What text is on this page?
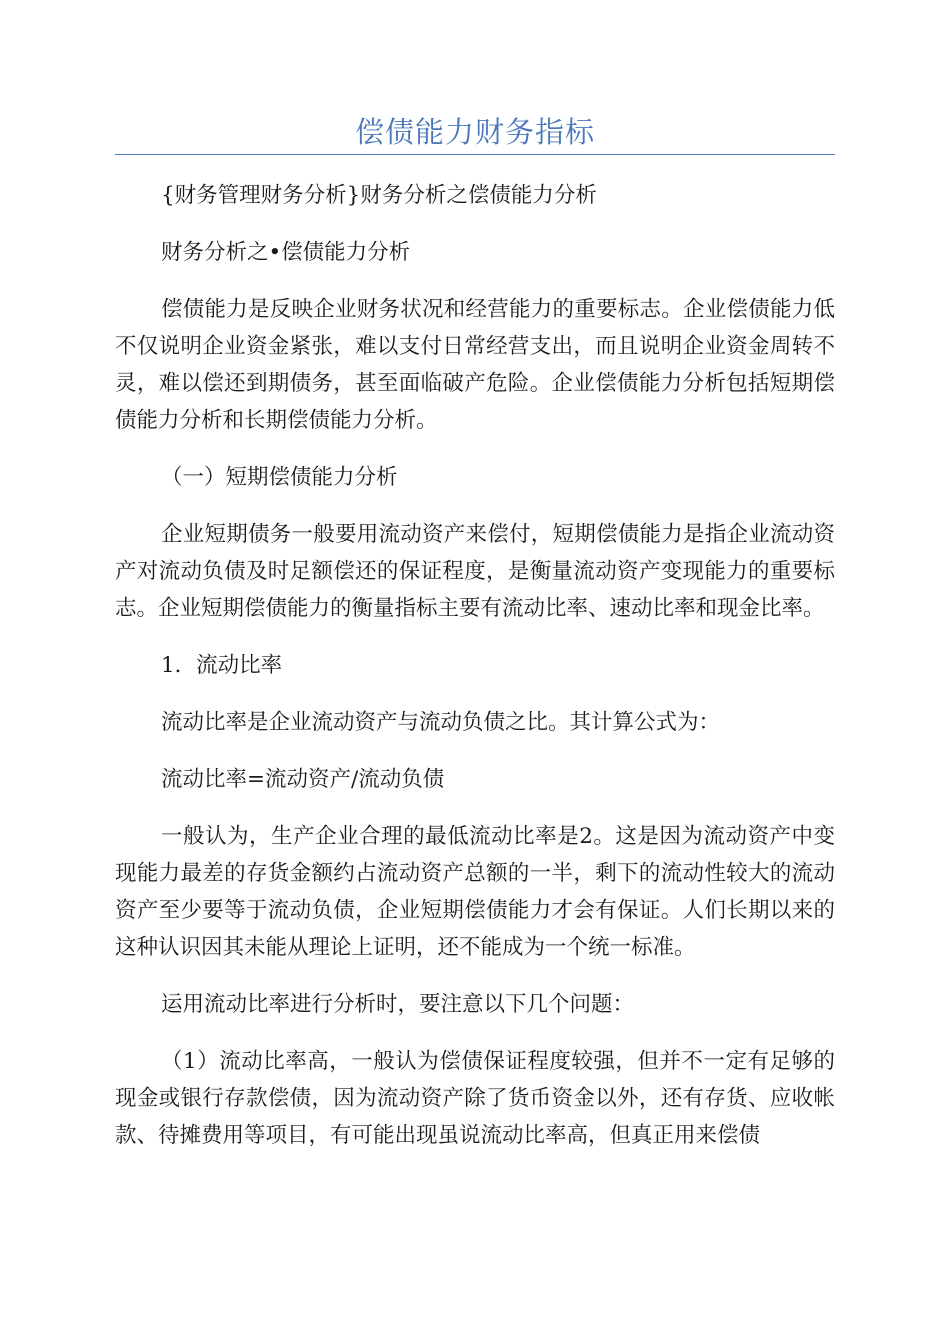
偿债能力财务指标

{财务管理财务分析}财务分析之偿债能力分析

财务分析之•偿债能力分析

偿债能力是反映企业财务状况和经营能力的重要标志。企业偿债能力低不仅说明企业资金紧张，难以支付日常经营支出，而且说明企业资金周转不灵，难以偿还到期债务，甚至面临破产危险。企业偿债能力分析包括短期偿债能力分析和长期偿债能力分析。

（一）短期偿债能力分析

企业短期债务一般要用流动资产来偿付，短期偿债能力是指企业流动资产对流动负债及时足额偿还的保证程度，是衡量流动资产变现能力的重要标志。企业短期偿债能力的衡量指标主要有流动比率、速动比率和现金比率。

1．流动比率

流动比率是企业流动资产与流动负债之比。其计算公式为：

流动比率=流动资产/流动负债

一般认为，生产企业合理的最低流动比率是2。这是因为流动资产中变现能力最差的存货金额约占流动资产总额的一半，剩下的流动性较大的流动资产至少要等于流动负债，企业短期偿债能力才会有保证。人们长期以来的这种认识因其未能从理论上证明，还不能成为一个统一标准。

运用流动比率进行分析时，要注意以下几个问题：

（1）流动比率高，一般认为偿债保证程度较强，但并不一定有足够的现金或银行存款偿债，因为流动资产除了货币资金以外，还有存货、应收帐款、待摊费用等项目，有可能出现虽说流动比率高，但真正用来偿债
